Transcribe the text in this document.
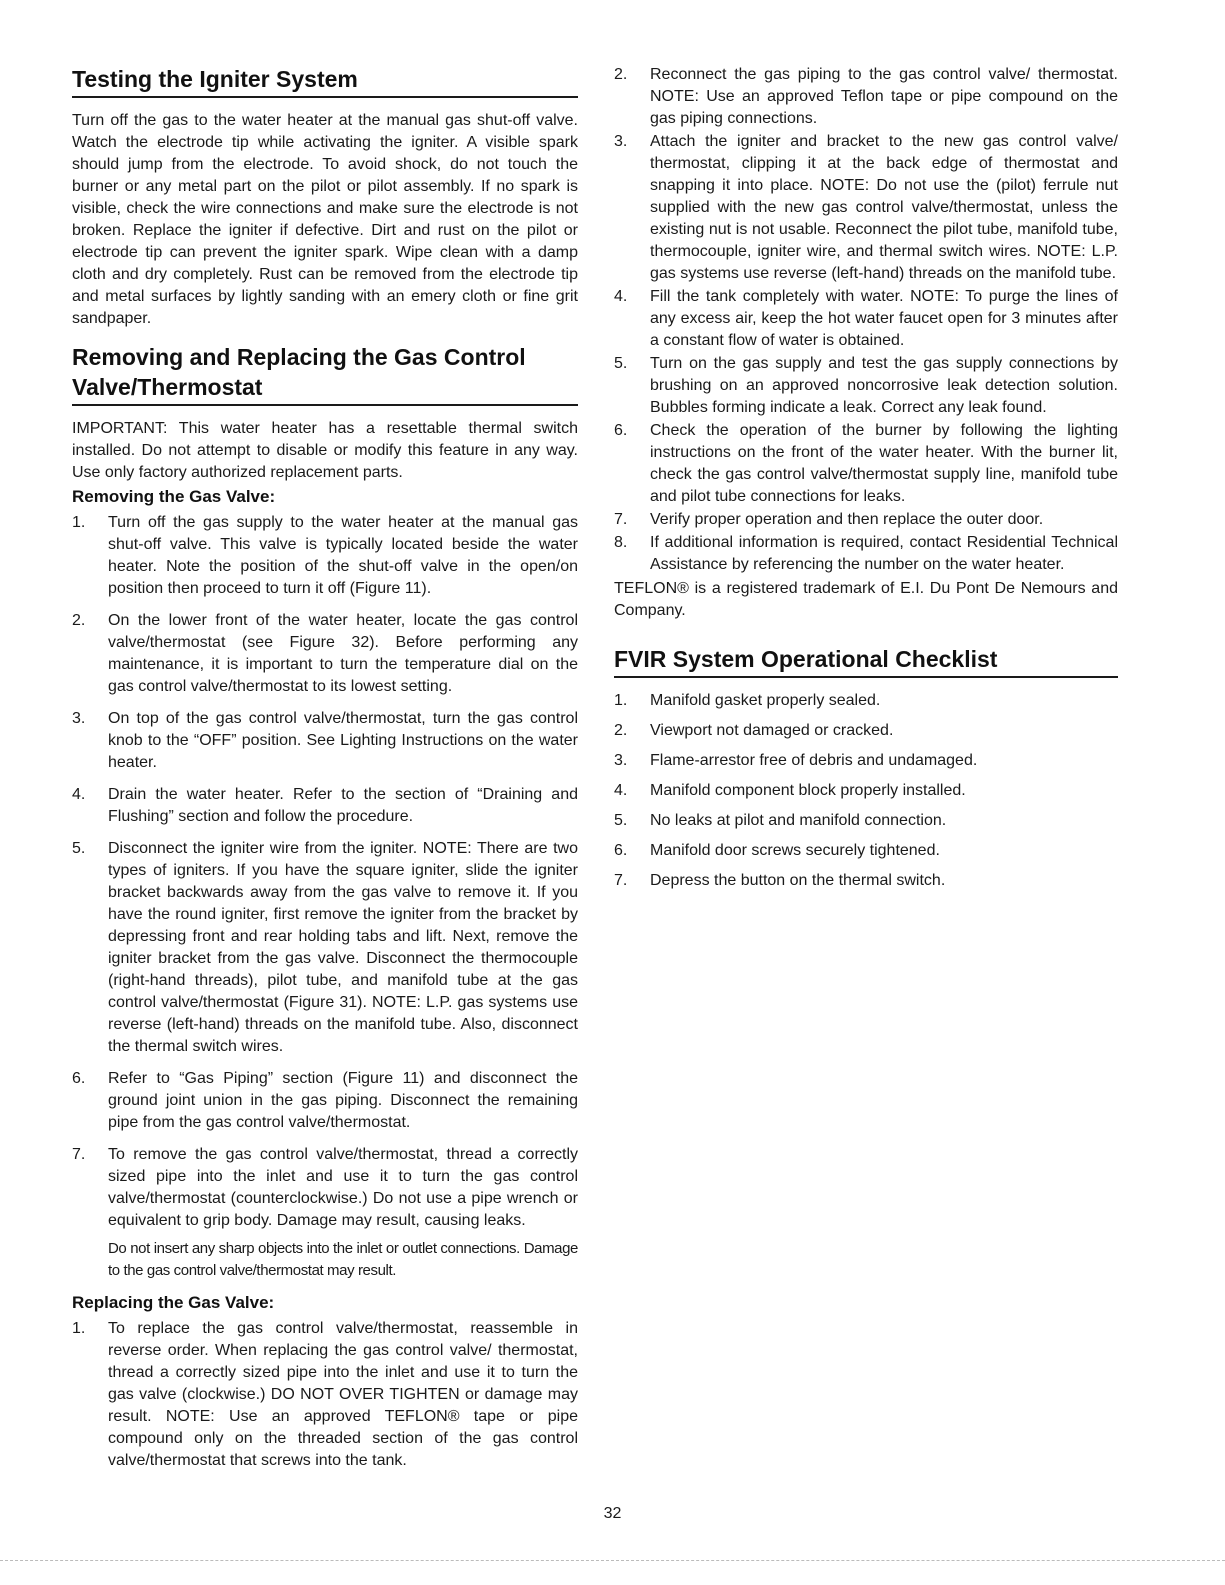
Testing the Igniter System

Turn off the gas to the water heater at the manual gas shut-off valve. Watch the electrode tip while activating the igniter. A visible spark should jump from the electrode. To avoid shock, do not touch the burner or any metal part on the pilot or pilot assembly. If no spark is visible, check the wire connections and make sure the electrode is not broken. Replace the igniter if defective. Dirt and rust on the pilot or electrode tip can prevent the igniter spark. Wipe clean with a damp cloth and dry completely. Rust can be removed from the electrode tip and metal surfaces by lightly sanding with an emery cloth or fine grit sandpaper.

Removing and Replacing the Gas Control Valve/Thermostat

IMPORTANT: This water heater has a resettable thermal switch installed. Do not attempt to disable or modify this feature in any way. Use only factory authorized replacement parts.

Removing the Gas Valve:
1. Turn off the gas supply to the water heater at the manual gas shut-off valve. This valve is typically located beside the water heater. Note the position of the shut-off valve in the open/on position then proceed to turn it off (Figure 11).
2. On the lower front of the water heater, locate the gas control valve/thermostat (see Figure 32). Before performing any maintenance, it is important to turn the temperature dial on the gas control valve/thermostat to its lowest setting.
3. On top of the gas control valve/thermostat, turn the gas control knob to the “OFF” position. See Lighting Instructions on the water heater.
4. Drain the water heater. Refer to the section of “Draining and Flushing” section and follow the procedure.
5. Disconnect the igniter wire from the igniter. NOTE: There are two types of igniters. If you have the square igniter, slide the igniter bracket backwards away from the gas valve to remove it. If you have the round igniter, first remove the igniter from the bracket by depressing front and rear holding tabs and lift. Next, remove the igniter bracket from the gas valve. Disconnect the thermocouple (right-hand threads), pilot tube, and manifold tube at the gas control valve/thermostat (Figure 31). NOTE: L.P. gas systems use reverse (left-hand) threads on the manifold tube. Also, disconnect the thermal switch wires.
6. Refer to “Gas Piping” section (Figure 11) and disconnect the ground joint union in the gas piping. Disconnect the remaining pipe from the gas control valve/thermostat.
7. To remove the gas control valve/thermostat, thread a correctly sized pipe into the inlet and use it to turn the gas control valve/thermostat (counterclockwise.) Do not use a pipe wrench or equivalent to grip body. Damage may result, causing leaks.

Do not insert any sharp objects into the inlet or outlet connections. Damage to the gas control valve/thermostat may result.

Replacing the Gas Valve:
1. To replace the gas control valve/thermostat, reassemble in reverse order. When replacing the gas control valve/ thermostat, thread a correctly sized pipe into the inlet and use it to turn the gas valve (clockwise.) DO NOT OVER TIGHTEN or damage may result. NOTE: Use an approved TEFLON® tape or pipe compound only on the threaded section of the gas control valve/thermostat that screws into the tank.
2. Reconnect the gas piping to the gas control valve/ thermostat. NOTE: Use an approved Teflon tape or pipe compound on the gas piping connections.
3. Attach the igniter and bracket to the new gas control valve/ thermostat, clipping it at the back edge of thermostat and snapping it into place. NOTE: Do not use the (pilot) ferrule nut supplied with the new gas control valve/thermostat, unless the existing nut is not usable. Reconnect the pilot tube, manifold tube, thermocouple, igniter wire, and thermal switch wires. NOTE: L.P. gas systems use reverse (left-hand) threads on the manifold tube.
4. Fill the tank completely with water. NOTE: To purge the lines of any excess air, keep the hot water faucet open for 3 minutes after a constant flow of water is obtained.
5. Turn on the gas supply and test the gas supply connections by brushing on an approved noncorrosive leak detection solution. Bubbles forming indicate a leak. Correct any leak found.
6. Check the operation of the burner by following the lighting instructions on the front of the water heater. With the burner lit, check the gas control valve/thermostat supply line, manifold tube and pilot tube connections for leaks.
7. Verify proper operation and then replace the outer door.
8. If additional information is required, contact Residential Technical Assistance by referencing the number on the water heater.

TEFLON® is a registered trademark of E.I. Du Pont De Nemours and Company.

FVIR System Operational Checklist
1. Manifold gasket properly sealed.
2. Viewport not damaged or cracked.
3. Flame-arrestor free of debris and undamaged.
4. Manifold component block properly installed.
5. No leaks at pilot and manifold connection.
6. Manifold door screws securely tightened.
7. Depress the button on the thermal switch.
32
